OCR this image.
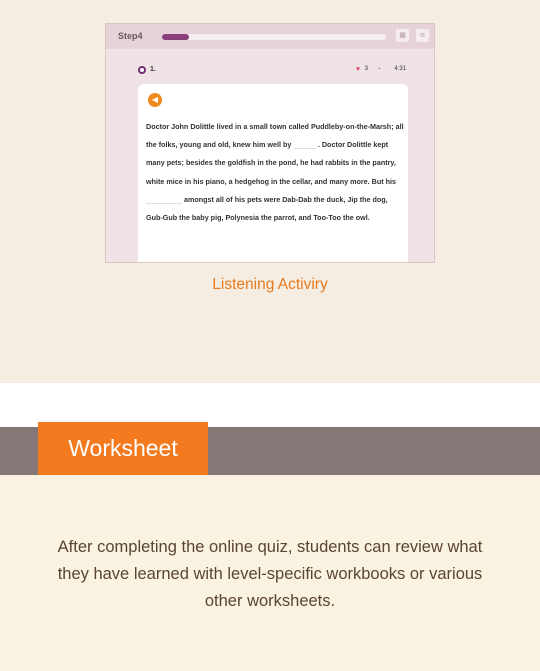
Step4	▦	≡
1.	♥ 3 ◔ 4:31
◀
Doctor John Dolittle lived in a small town called Puddleby-on-the-Marsh; all the folks, young and old, knew him well by _____ . Doctor Dolittle kept many pets; besides the goldfish in the pond, he had rabbits in the pantry, white mice in his piano, a hedgehog in the cellar, and many more. But his ________ amongst all of his pets were Dab-Dab the duck, Jip the dog, Gub-Gub the baby pig, Polynesia the parrot, and Too-Too the owl.
Listening Activiry
Worksheet
After completing the online quiz, students can review what they have learned with level-specific workbooks or various other worksheets.
